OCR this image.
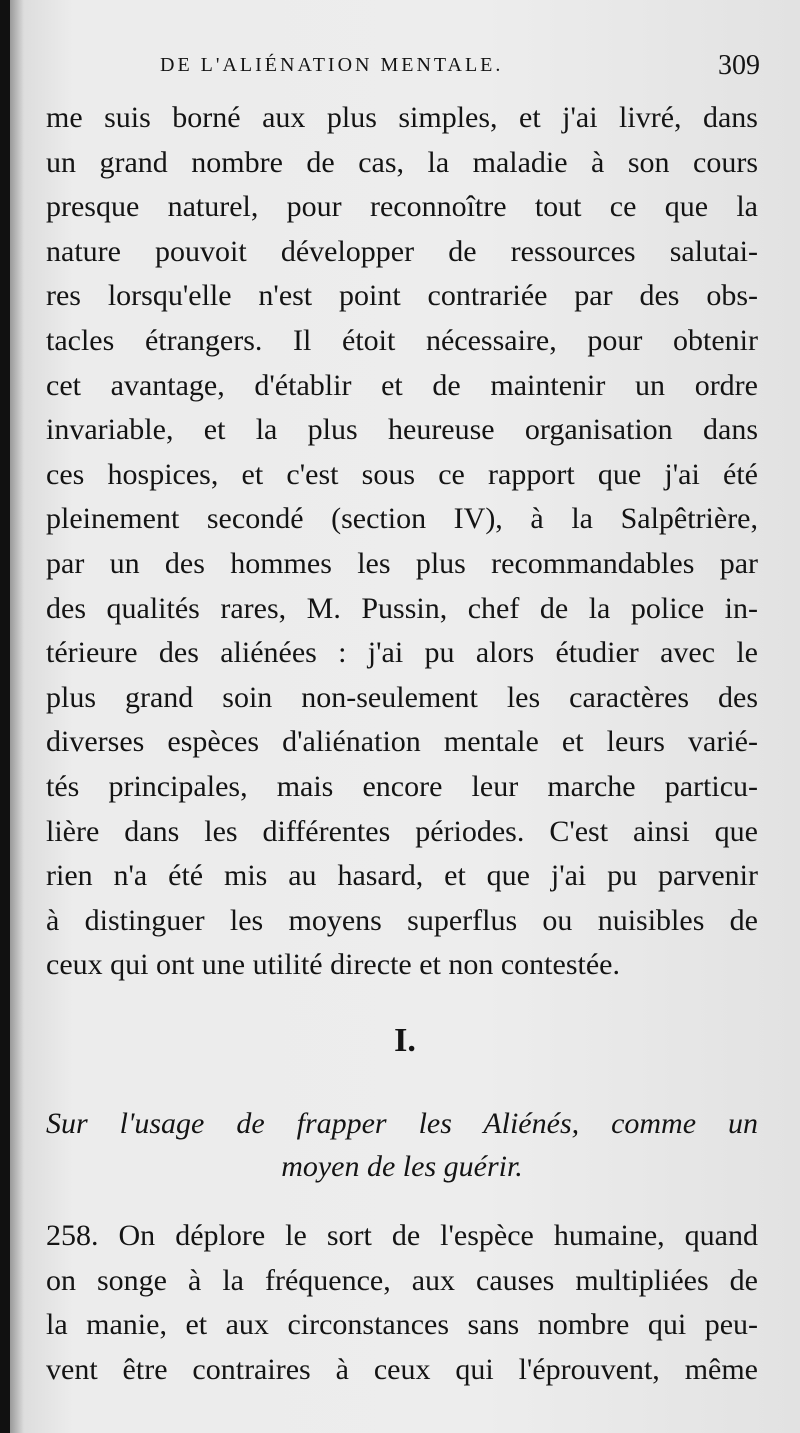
DE L'ALIÉNATION MENTALE.	309
me suis borné aux plus simples, et j'ai livré, dans
un grand nombre de cas, la maladie à son cours
presque naturel, pour reconnoître tout ce que la
nature pouvoit développer de ressources salutai-
res lorsqu'elle n'est point contrariée par des obs-
tacles étrangers. Il étoit nécessaire, pour obtenir
cet avantage, d'établir et de maintenir un ordre
invariable, et la plus heureuse organisation dans
ces hospices, et c'est sous ce rapport que j'ai été
pleinement secondé (section IV), à la Salpêtrière,
par un des hommes les plus recommandables par
des qualités rares, M. Pussin, chef de la police in-
térieure des aliénées : j'ai pu alors étudier avec le
plus grand soin non-seulement les caractères des
diverses espèces d'aliénation mentale et leurs varié-
tés principales, mais encore leur marche particu-
lière dans les différentes périodes. C'est ainsi que
rien n'a été mis au hasard, et que j'ai pu parvenir
à distinguer les moyens superflus ou nuisibles de
ceux qui ont une utilité directe et non contestée.
I.
Sur l'usage de frapper les Aliénés, comme un
moyen de les guérir.
258. On déplore le sort de l'espèce humaine, quand
on songe à la fréquence, aux causes multipliées de
la manie, et aux circonstances sans nombre qui peu-
vent être contraires à ceux qui l'éprouvent, même
